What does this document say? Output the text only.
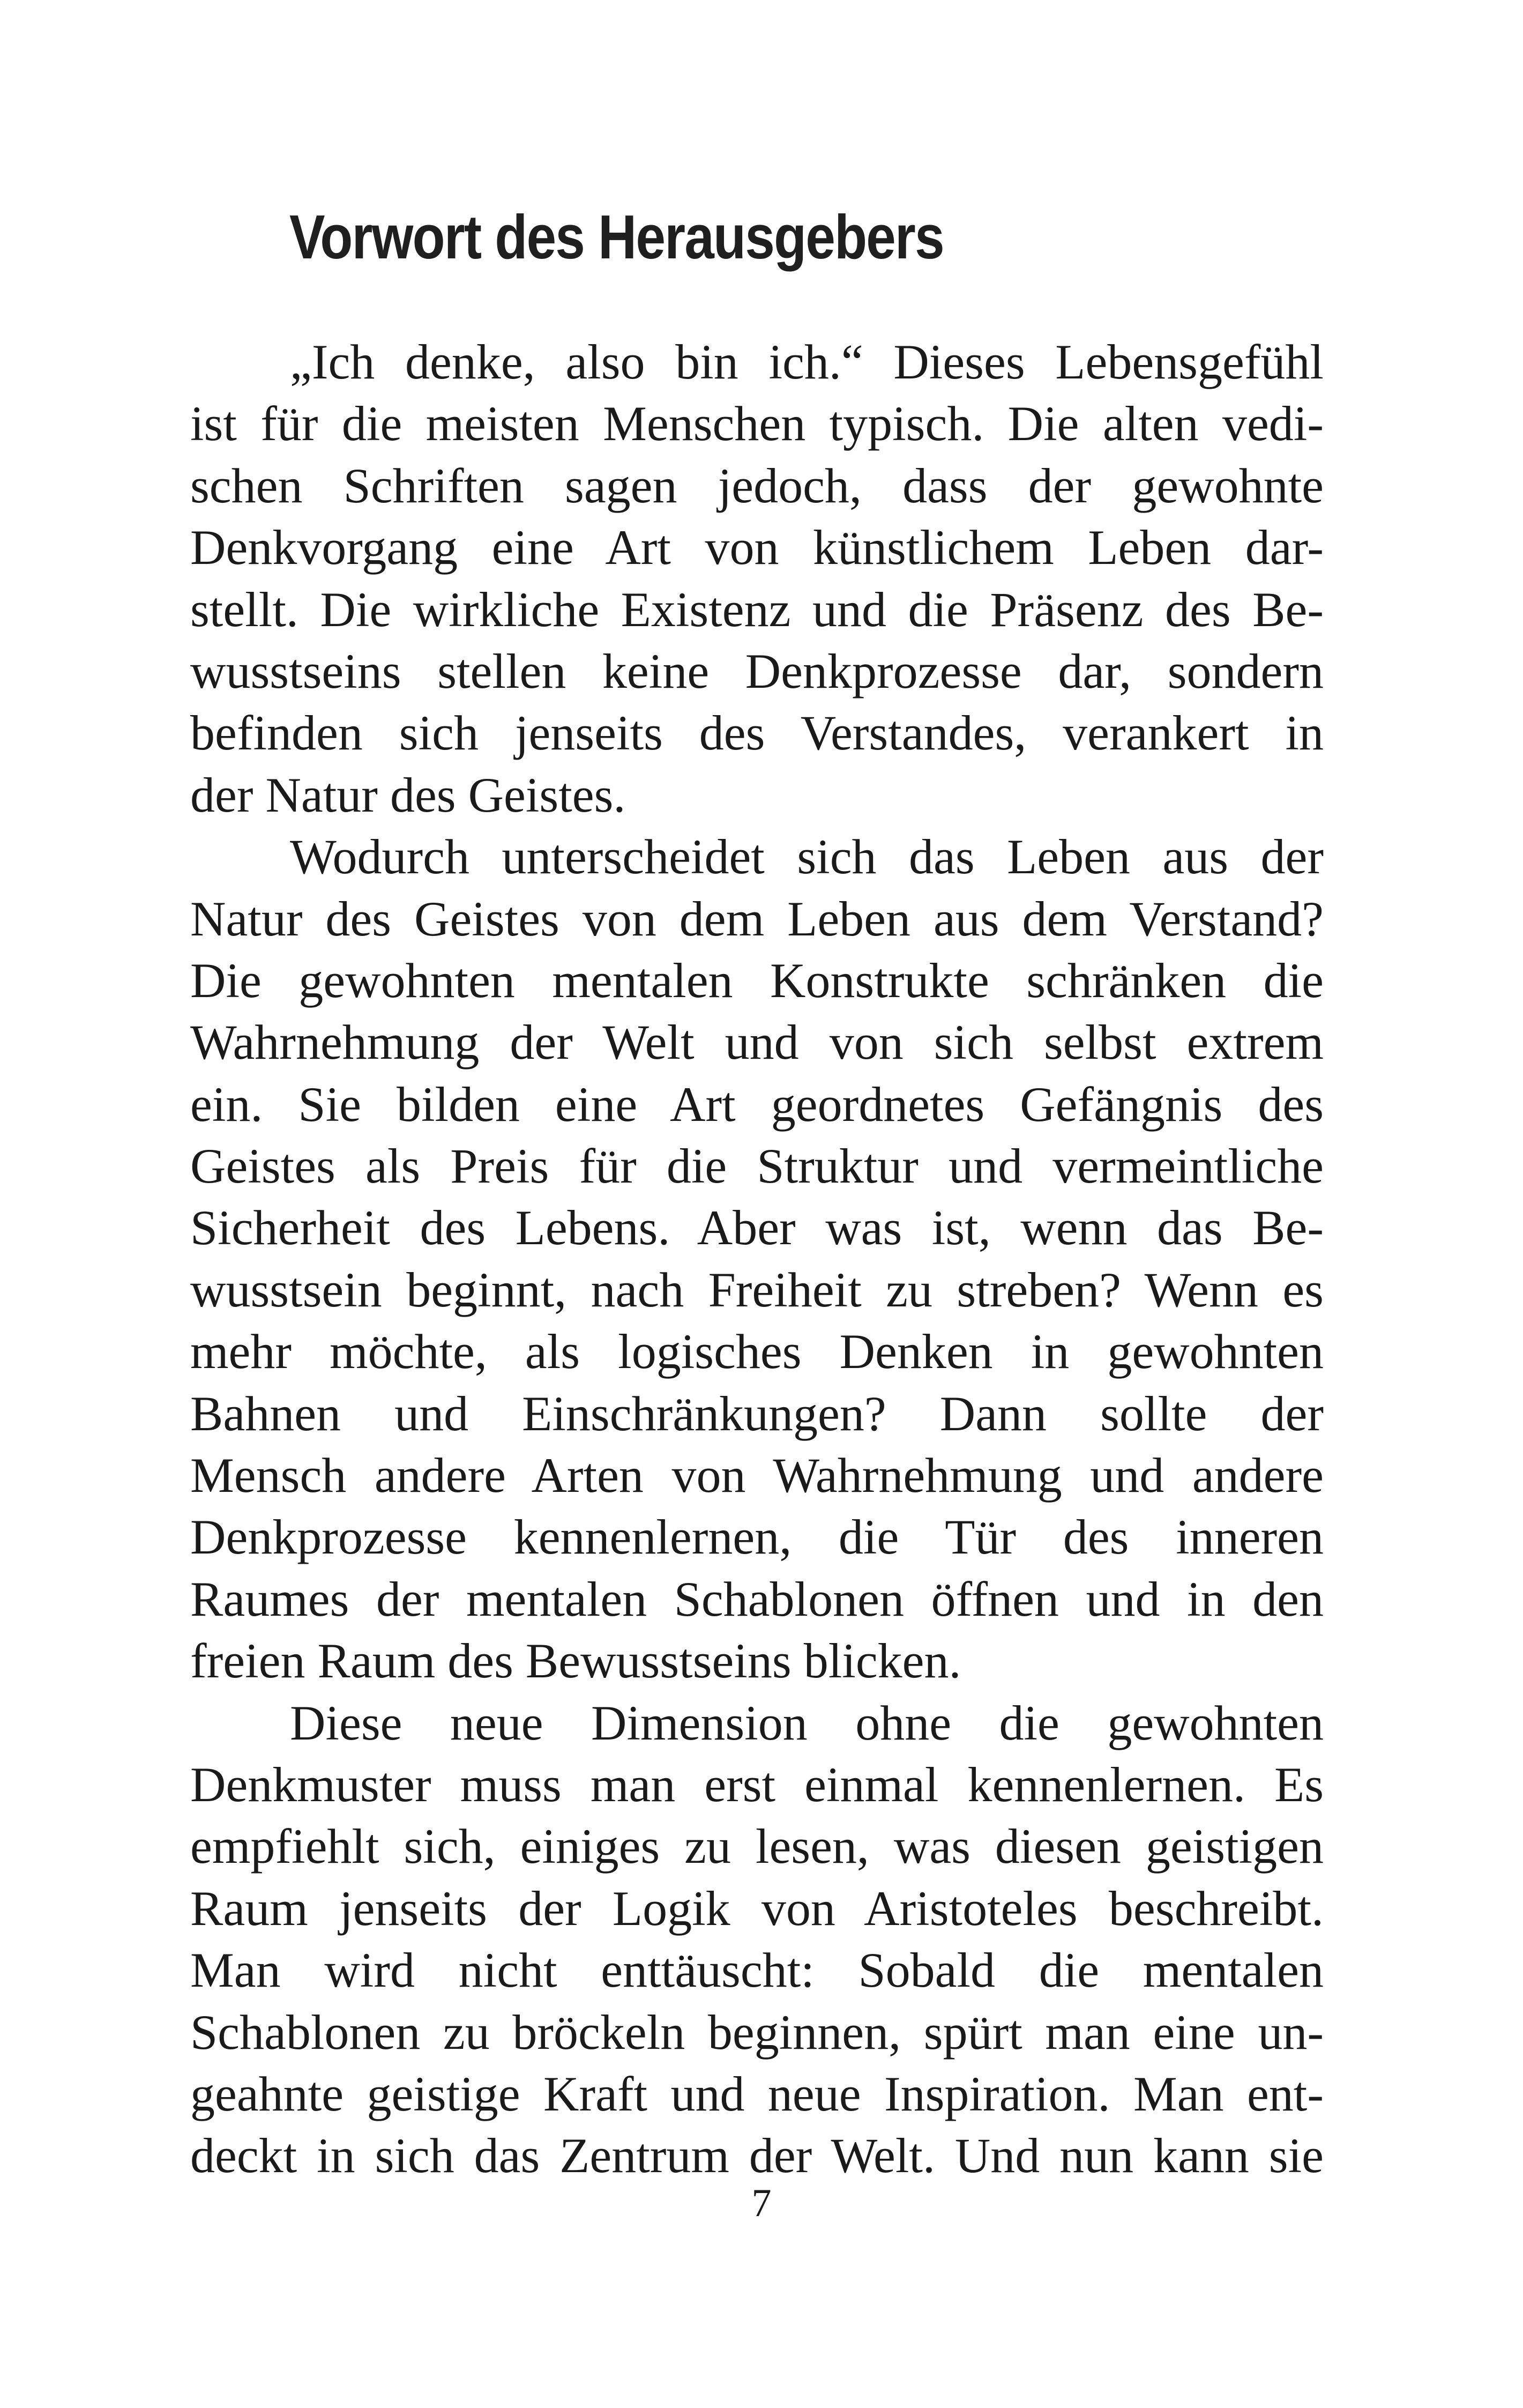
Vorwort des Herausgebers
„Ich denke, also bin ich.“ Dieses Lebensgefühl
ist für die meisten Menschen typisch. Die alten vedi-
schen Schriften sagen jedoch, dass der gewohnte
Denkvorgang eine Art von künstlichem Leben dar-
stellt. Die wirkliche Existenz und die Präsenz des Be-
wusstseins stellen keine Denkprozesse dar, sondern
befinden sich jenseits des Verstandes, verankert in
der Natur des Geistes.
Wodurch unterscheidet sich das Leben aus der
Natur des Geistes von dem Leben aus dem Verstand?
Die gewohnten mentalen Konstrukte schränken die
Wahrnehmung der Welt und von sich selbst extrem
ein. Sie bilden eine Art geordnetes Gefängnis des
Geistes als Preis für die Struktur und vermeintliche
Sicherheit des Lebens. Aber was ist, wenn das Be-
wusstsein beginnt, nach Freiheit zu streben? Wenn es
mehr möchte, als logisches Denken in gewohnten
Bahnen und Einschränkungen? Dann sollte der
Mensch andere Arten von Wahrnehmung und andere
Denkprozesse kennenlernen, die Tür des inneren
Raumes der mentalen Schablonen öffnen und in den
freien Raum des Bewusstseins blicken.
Diese neue Dimension ohne die gewohnten
Denkmuster muss man erst einmal kennenlernen. Es
empfiehlt sich, einiges zu lesen, was diesen geistigen
Raum jenseits der Logik von Aristoteles beschreibt.
Man wird nicht enttäuscht: Sobald die mentalen
Schablonen zu bröckeln beginnen, spürt man eine un-
geahnte geistige Kraft und neue Inspiration. Man ent-
deckt in sich das Zentrum der Welt. Und nun kann sie
7
